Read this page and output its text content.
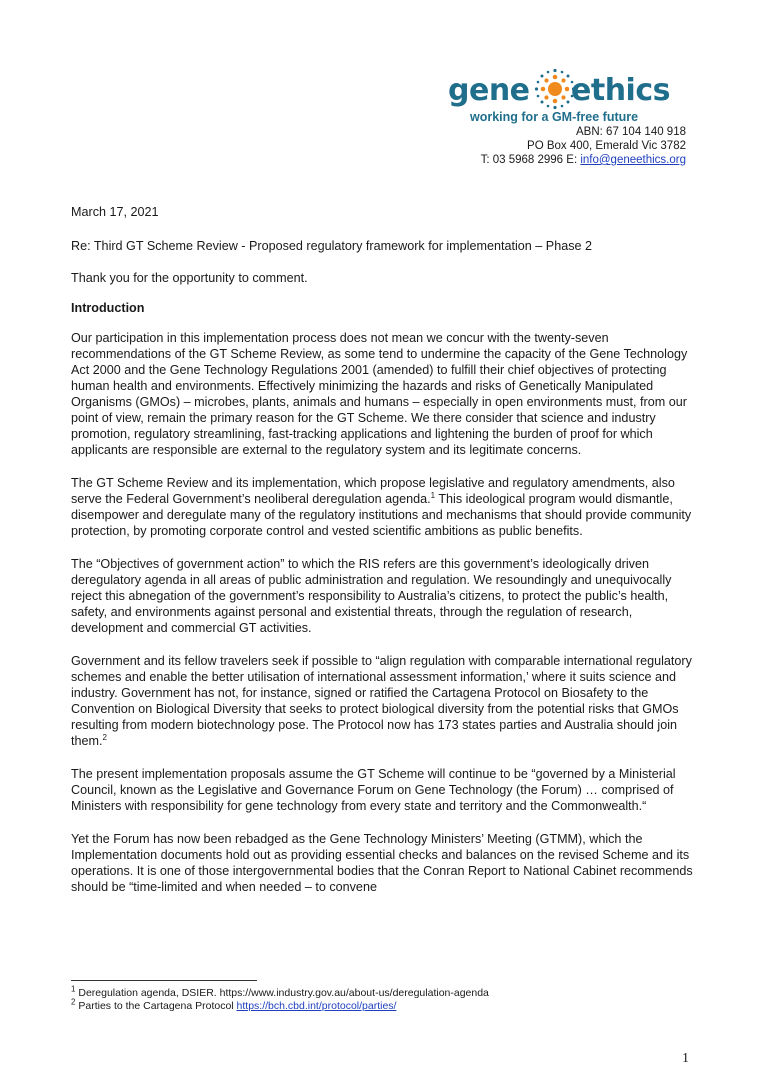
gene ethics
working for a GM-free future
ABN: 67 104 140 918
PO Box 400, Emerald Vic 3782
T: 03 5968 2996 E: info@geneethics.org

March 17, 2021

Re: Third GT Scheme Review - Proposed regulatory framework for implementation – Phase 2

Thank you for the opportunity to comment.

Introduction

Our participation in this implementation process does not mean we concur with the twenty-seven recommendations of the GT Scheme Review, as some tend to undermine the capacity of the Gene Technology Act 2000 and the Gene Technology Regulations 2001 (amended) to fulfill their chief objectives of protecting human health and environments. Effectively minimizing the hazards and risks of Genetically Manipulated Organisms (GMOs) – microbes, plants, animals and humans – especially in open environments must, from our point of view, remain the primary reason for the GT Scheme. We there consider that science and industry promotion, regulatory streamlining, fast-tracking applications and lightening the burden of proof for which applicants are responsible are external to the regulatory system and its legitimate concerns.

The GT Scheme Review and its implementation, which propose legislative and regulatory amendments, also serve the Federal Government’s neoliberal deregulation agenda.$^1$ This ideological program would dismantle, disempower and deregulate many of the regulatory institutions and mechanisms that should provide community protection, by promoting corporate control and vested scientific ambitions as public benefits.

The “Objectives of government action” to which the RIS refers are this government’s ideologically driven deregulatory agenda in all areas of public administration and regulation. We resoundingly and unequivocally reject this abnegation of the government’s responsibility to Australia’s citizens, to protect the public’s health, safety, and environments against personal and existential threats, through the regulation of research, development and commercial GT activities.

Government and its fellow travelers seek if possible to “align regulation with comparable international regulatory schemes and enable the better utilisation of international assessment information,’ where it suits science and industry. Government has not, for instance, signed or ratified the Cartagena Protocol on Biosafety to the Convention on Biological Diversity that seeks to protect biological diversity from the potential risks that GMOs resulting from modern biotechnology pose. The Protocol now has 173 states parties and Australia should join them.$^2$

The present implementation proposals assume the GT Scheme will continue to be “governed by a Ministerial Council, known as the Legislative and Governance Forum on Gene Technology (the Forum) … comprised of Ministers with responsibility for gene technology from every state and territory and the Commonwealth.“

Yet the Forum has now been rebadged as the Gene Technology Ministers’ Meeting (GTMM), which the Implementation documents hold out as providing essential checks and balances on the revised Scheme and its operations. It is one of those intergovernmental bodies that the Conran Report to National Cabinet recommends should be “time-limited and when needed – to convene

$^1$ Deregulation agenda, DSIER. https://www.industry.gov.au/about-us/deregulation-agenda
$^2$ Parties to the Cartagena Protocol https://bch.cbd.int/protocol/parties/
1
